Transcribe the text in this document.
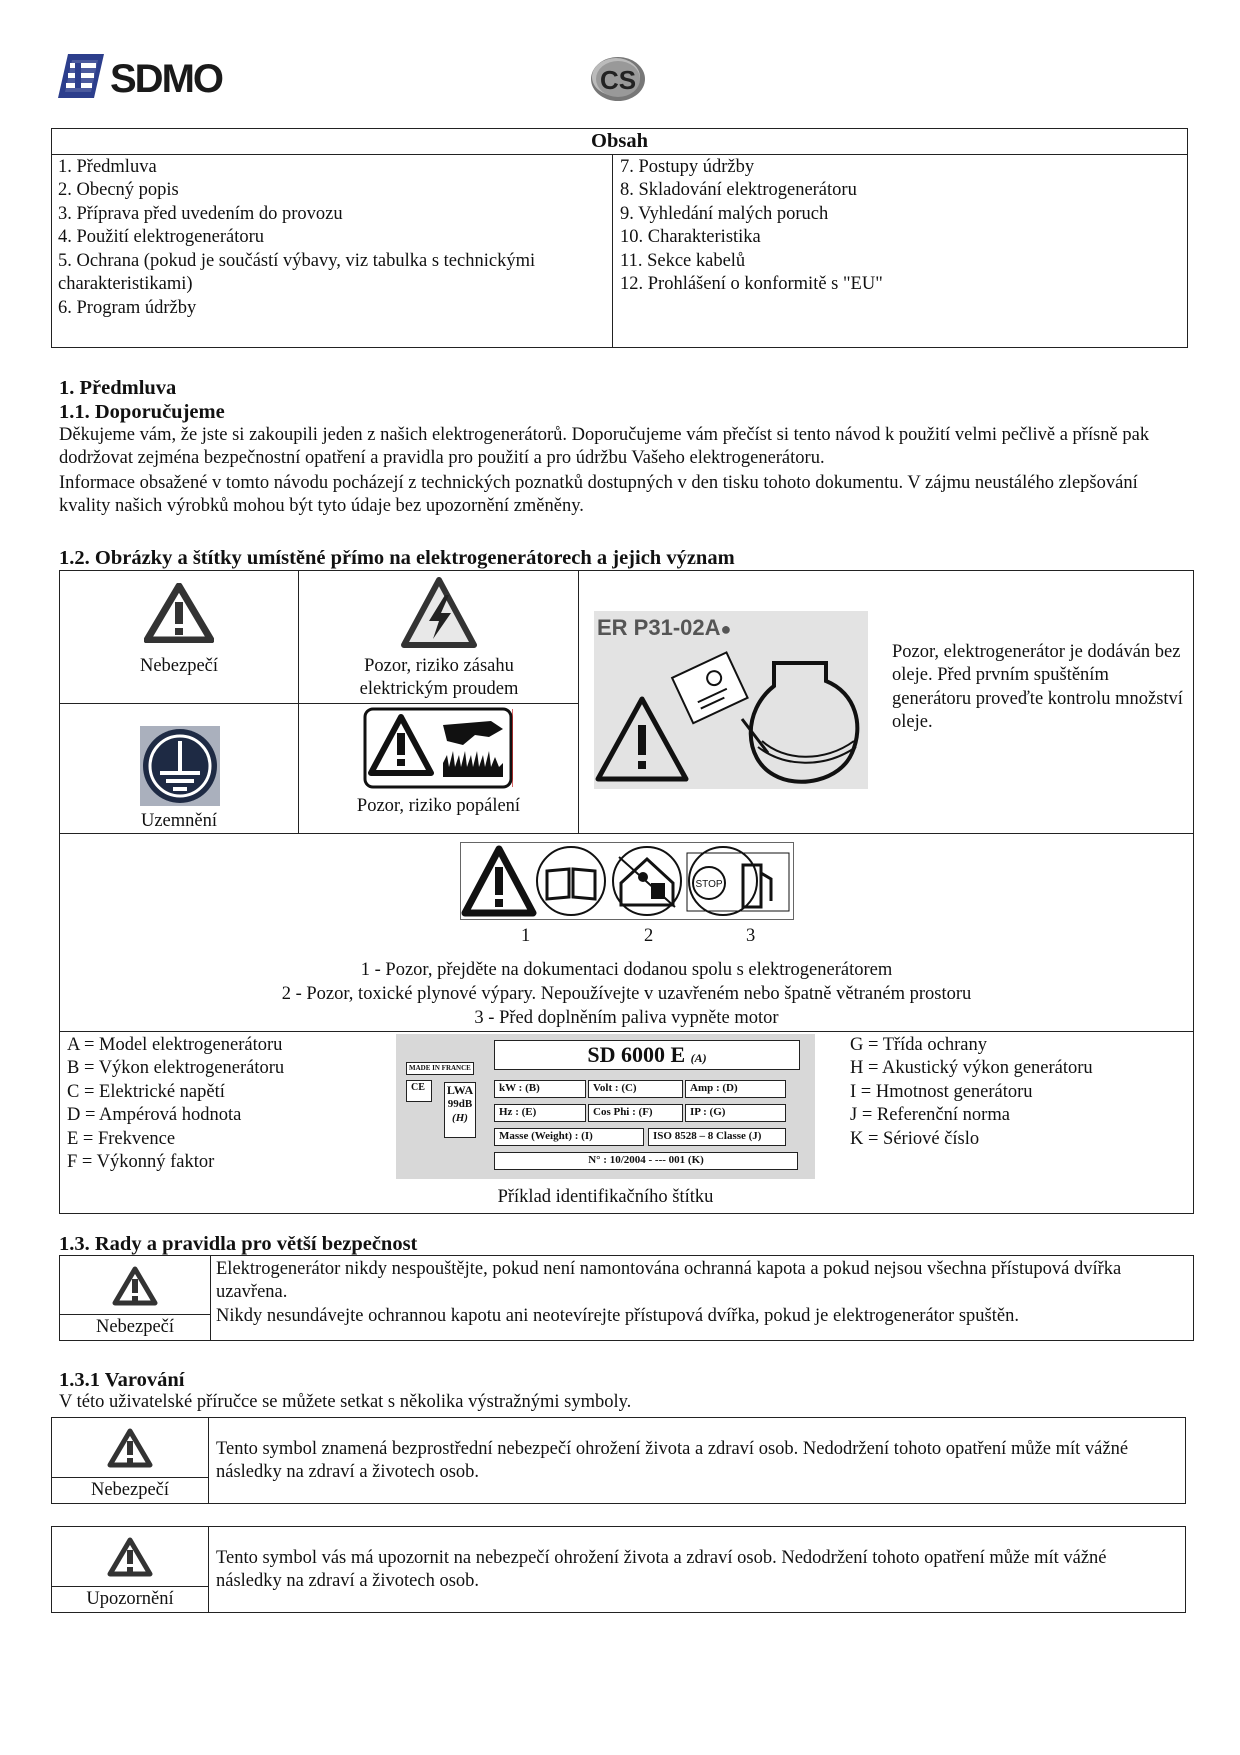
SDMO	CS
Obsah
1. Předmluva
2. Obecný popis
3. Příprava před uvedením do provozu
4. Použití elektrogenerátoru
5. Ochrana (pokud je součástí výbavy, viz tabulka s technickými charakteristikami)
6. Program údržby
7. Postupy údržby
8. Skladování elektrogenerátoru
9. Vyhledání malých poruch
10. Charakteristika
11. Sekce kabelů
12. Prohlášení o konformitě s "EU"
1. Předmluva
1.1. Doporučujeme

Děkujeme vám, že jste si zakoupili jeden z našich elektrogenerátorů. Doporučujeme vám přečíst si tento návod k použití velmi pečlivě a přísně pak dodržovat zejména bezpečnostní opatření a pravidla pro použití a pro údržbu Vašeho elektrogenerátoru.

Informace obsažené v tomto návodu pocházejí z technických poznatků dostupných v den tisku tohoto dokumentu. V zájmu neustálého zlepšování kvality našich výrobků mohou být tyto údaje bez upozornění změněny.

1.2. Obrázky a štítky umístěné přímo na elektrogenerátorech a jejich význam
Nebezpečí	Pozor, riziko zásahu elektrickým proudem
Uzemnění
Pozor, riziko popálení
ER P31-02A●

Pozor, elektrogenerátor je dodáván bez oleje. Před prvním spuštěním generátoru proveďte kontrolu množství oleje.

STOP
1	2	3
1 - Pozor, přejděte na dokumentaci dodanou spolu s elektrogenerátorem
2 - Pozor, toxické plynové výpary. Nepoužívejte v uzavřeném nebo špatně větraném prostoru
3 - Před doplněním paliva vypněte motor
A = Model elektrogenerátoru
B = Výkon elektrogenerátoru
C = Elektrické napětí
D = Ampérová hodnota
E = Frekvence
F = Výkonný faktor
MADE IN FRANCE
CE	LWA
99dB
(H)
SD 6000 E (A)
kW : (B)	Volt : (C)	Amp : (D)
Hz : (E)	Cos Phi : (F)	IP : (G)
Masse (Weight) : (I)	ISO 8528 – 8 Classe (J)
N° : 10/2004 - --- 001 (K)
G = Třída ochrany
H = Akustický výkon generátoru
I = Hmotnost generátoru
J = Referenční norma
K = Sériové číslo
Příklad identifikačního štítku
1.3. Rady a pravidla pro větší bezpečnost
Nebezpečí

Elektrogenerátor nikdy nespouštějte, pokud není namontována ochranná kapota a pokud nejsou všechna přístupová dvířka uzavřena.

Nikdy nesundávejte ochrannou kapotu ani neotevírejte přístupová dvířka, pokud je elektrogenerátor spuštěn.

1.3.1 Varování

V této uživatelské příručce se můžete setkat s několika výstražnými symboly.

Nebezpečí

Tento symbol znamená bezprostřední nebezpečí ohrožení života a zdraví osob. Nedodržení tohoto opatření může mít vážné následky na zdraví a životech osob.

Upozornění

Tento symbol vás má upozornit na nebezpečí ohrožení života a zdraví osob. Nedodržení tohoto opatření může mít vážné následky na zdraví a životech osob.
